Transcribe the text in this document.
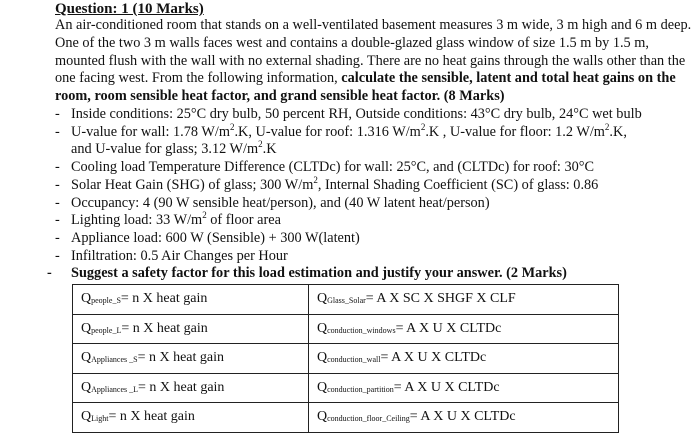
Question: 1 (10 Marks)

An air-conditioned room that stands on a well-ventilated basement measures 3 m wide, 3 m high and 6 m deep. One of the two 3 m walls faces west and contains a double-glazed glass window of size 1.5 m by 1.5 m, mounted flush with the wall with no external shading. There are no heat gains through the walls other than the one facing west. From the following information, calculate the sensible, latent and total heat gains on the room, room sensible heat factor, and grand sensible heat factor. (8 Marks)

- Inside conditions: 25°C dry bulb, 50 percent RH, Outside conditions: 43°C dry bulb, 24°C wet bulb
- U-value for wall: 1.78 $W/m^2.K$, U-value for roof: 1.316 $W/m^2.K$ , U-value for floor: 1.2 $W/m^2.K$,
and U-value for glass; 3.12 $W/m^2.K$
- Cooling load Temperature Difference (CLTDc) for wall: 25°C, and (CLTDc) for roof: 30°C
- Solar Heat Gain (SHG) of glass; 300 $W/m^2$, Internal Shading Coefficient (SC) of glass: 0.86
- Occupancy: 4 (90 W sensible heat/person), and (40 W latent heat/person)
- Lighting load: 33 $W/m^2$ of floor area
- Appliance load: 600 W (Sensible) + 300 W(latent)
- Infiltration: 0.5 Air Changes per Hour
- Suggest a safety factor for this load estimation and justify your answer. (2 Marks)
Qpeople_S= n X heat gain	QGlass_Solar= A X SC X SHGF X CLF
Qpeople_L= n X heat gain	Qconduction_windows= A X U X CLTDc
QAppliances _S= n X heat gain	Qconduction_wall= A X U X CLTDc
QAppliances _L= n X heat gain	Qconduction_partition= A X U X CLTDc
QLight= n X heat gain	Qconduction_floor_Ceiling= A X U X CLTDc
